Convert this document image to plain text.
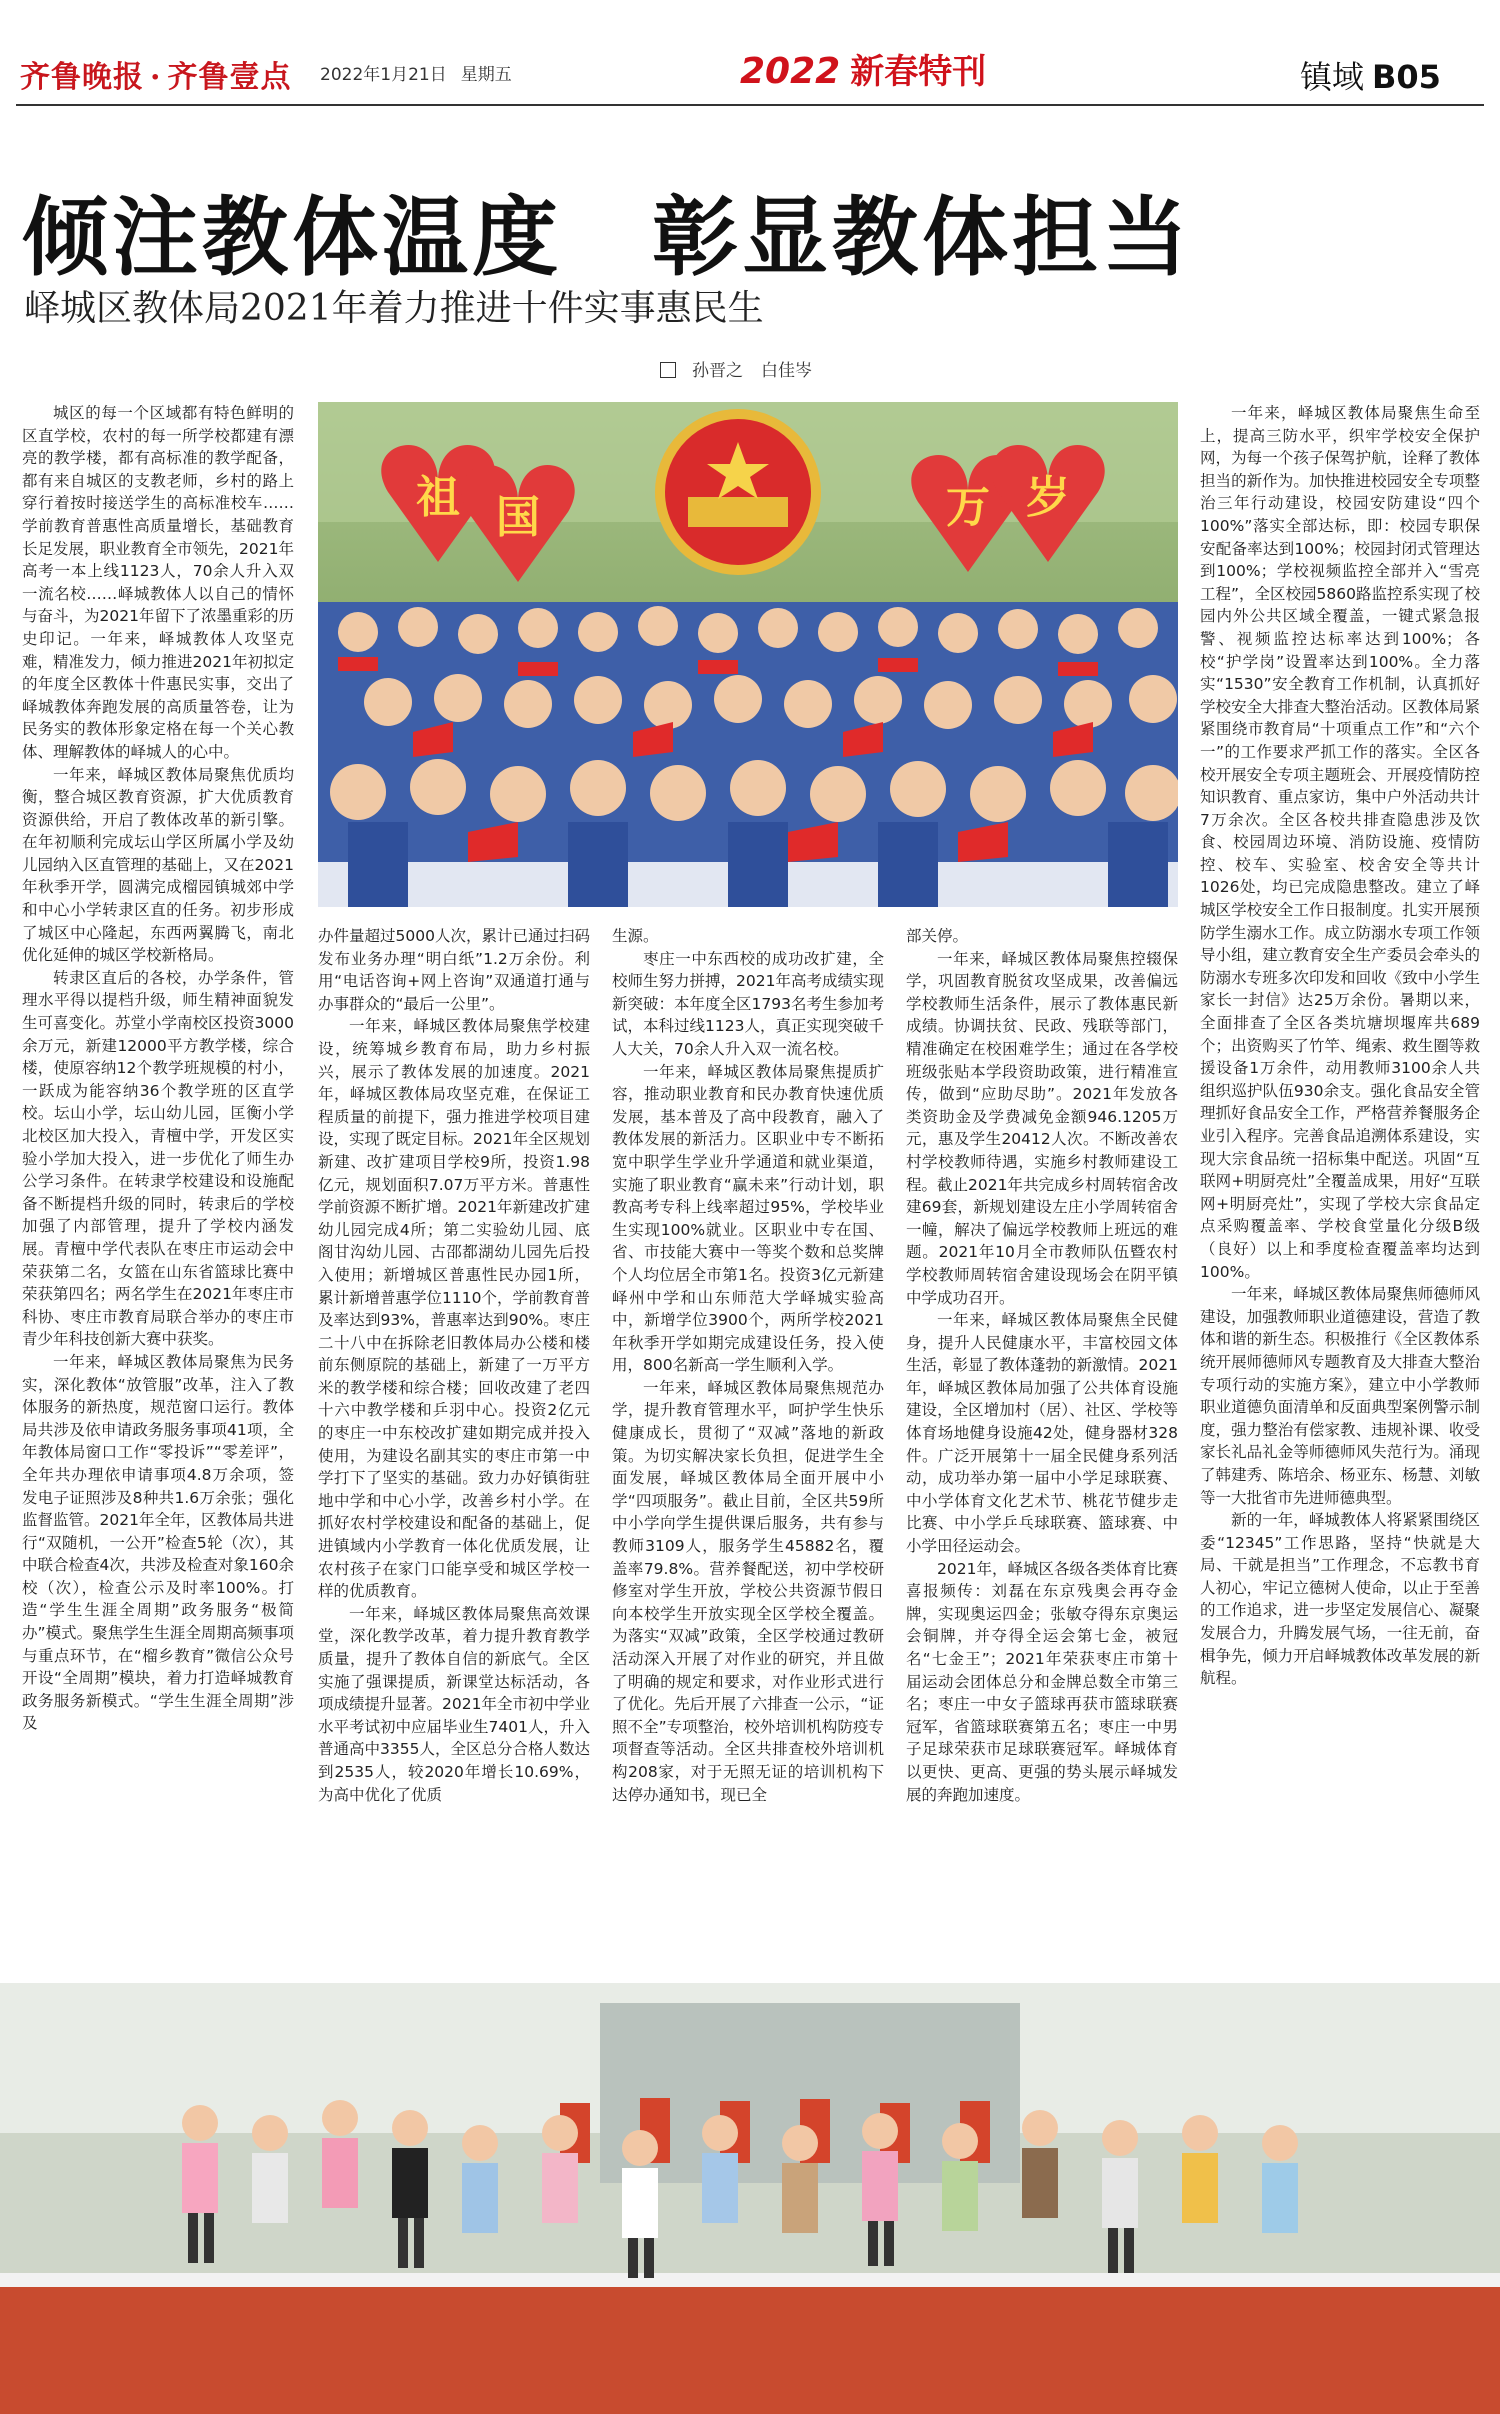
齐鲁晚报 · 齐鲁壹点 2022年1月21日 星期五	2022 新春特刊	镇域 B05
倾注教体温度　彰显教体担当
峄城区教体局2021年着力推进十件实事惠民生
孙晋之 白佳岑
祖 国	万 岁

城区的每一个区域都有特色鲜明的区直学校，农村的每一所学校都建有漂亮的教学楼，都有高标准的教学配备，都有来自城区的支教老师，乡村的路上穿行着按时接送学生的高标准校车……学前教育普惠性高质量增长，基础教育长足发展，职业教育全市领先，2021年高考一本上线1123人，70余人升入双一流名校……峄城教体人以自己的情怀与奋斗，为2021年留下了浓墨重彩的历史印记。一年来，峄城教体人攻坚克难，精准发力，倾力推进2021年初拟定的年度全区教体十件惠民实事，交出了峄城教体奔跑发展的高质量答卷，让为民务实的教体形象定格在每一个关心教体、理解教体的峄城人的心中。

一年来，峄城区教体局聚焦优质均衡，整合城区教育资源，扩大优质教育资源供给，开启了教体改革的新引擎。在年初顺利完成坛山学区所属小学及幼儿园纳入区直管理的基础上，又在2021年秋季开学，圆满完成榴园镇城郊中学和中心小学转隶区直的任务。初步形成了城区中心隆起，东西两翼腾飞，南北优化延伸的城区学校新格局。

转隶区直后的各校，办学条件，管理水平得以提档升级，师生精神面貌发生可喜变化。苏堂小学南校区投资3000余万元，新建12000平方教学楼，综合楼，使原容纳12个教学班规模的村小，一跃成为能容纳36个教学班的区直学校。坛山小学，坛山幼儿园，匡衡小学北校区加大投入，青檀中学，开发区实验小学加大投入，进一步优化了师生办公学习条件。在转隶学校建设和设施配备不断提档升级的同时，转隶后的学校加强了内部管理，提升了学校内涵发展。青檀中学代表队在枣庄市运动会中荣获第二名，女篮在山东省篮球比赛中荣获第四名；两名学生在2021年枣庄市科协、枣庄市教育局联合举办的枣庄市青少年科技创新大赛中获奖。

一年来，峄城区教体局聚焦为民务实，深化教体“放管服”改革，注入了教体服务的新热度，规范窗口运行。教体局共涉及依申请政务服务事项41项，全年教体局窗口工作“零投诉”“零差评”，全年共办理依申请事项4.8万余项，签发电子证照涉及8种共1.6万余张；强化监督监管。2021年全年，区教体局共进行“双随机，一公开”检查5轮（次），其中联合检查4次，共涉及检查对象160余校（次），检查公示及时率100%。打造“学生生涯全周期”政务服务“极简办”模式。聚焦学生生涯全周期高频事项与重点环节，在“榴乡教育”微信公众号开设“全周期”模块，着力打造峄城教育政务服务新模式。“学生生涯全周期”涉及

办件量超过5000人次，累计已通过扫码发布业务办理“明白纸”1.2万余份。利用“电话咨询+网上咨询”双通道打通与办事群众的“最后一公里”。

一年来，峄城区教体局聚焦学校建设，统筹城乡教育布局，助力乡村振兴，展示了教体发展的加速度。2021年，峄城区教体局攻坚克难，在保证工程质量的前提下，强力推进学校项目建设，实现了既定目标。2021年全区规划新建、改扩建项目学校9所，投资1.98亿元，规划面积7.07万平方米。普惠性学前资源不断扩增。2021年新建改扩建幼儿园完成4所；第二实验幼儿园、底阁甘沟幼儿园、古邵都湖幼儿园先后投入使用；新增城区普惠性民办园1所，累计新增普惠学位1110个，学前教育普及率达到93%，普惠率达到90%。枣庄二十八中在拆除老旧教体局办公楼和楼前东侧原院的基础上，新建了一万平方米的教学楼和综合楼；回收改建了老四十六中教学楼和乒羽中心。投资2亿元的枣庄一中东校改扩建如期完成并投入使用，为建设名副其实的枣庄市第一中学打下了坚实的基础。致力办好镇街驻地中学和中心小学，改善乡村小学。在抓好农村学校建设和配备的基础上，促进镇域内小学教育一体化优质发展，让农村孩子在家门口能享受和城区学校一样的优质教育。

一年来，峄城区教体局聚焦高效课堂，深化教学改革，着力提升教育教学质量，提升了教体自信的新底气。全区实施了强课提质，新课堂达标活动，各项成绩提升显著。2021年全市初中学业水平考试初中应届毕业生7401人，升入普通高中3355人，全区总分合格人数达到2535人，较2020年增长10.69%，为高中优化了优质

生源。

枣庄一中东西校的成功改扩建，全校师生努力拼搏，2021年高考成绩实现新突破：本年度全区1793名考生参加考试，本科过线1123人，真正实现突破千人大关，70余人升入双一流名校。

一年来，峄城区教体局聚焦提质扩容，推动职业教育和民办教育快速优质发展，基本普及了高中段教育，融入了教体发展的新活力。区职业中专不断拓宽中职学生学业升学通道和就业渠道，实施了职业教育“赢未来”行动计划，职教高考专科上线率超过95%，学校毕业生实现100%就业。区职业中专在国、省、市技能大赛中一等奖个数和总奖牌个人均位居全市第1名。投资3亿元新建峄州中学和山东师范大学峄城实验高中，新增学位3900个，两所学校2021年秋季开学如期完成建设任务，投入使用，800名新高一学生顺利入学。

一年来，峄城区教体局聚焦规范办学，提升教育管理水平，呵护学生快乐健康成长，贯彻了“双减”落地的新政策。为切实解决家长负担，促进学生全面发展，峄城区教体局全面开展中小学“四项服务”。截止目前，全区共59所中小学向学生提供课后服务，共有参与教师3109人，服务学生45882名，覆盖率79.8%。营养餐配送，初中学校研修室对学生开放，学校公共资源节假日向本校学生开放实现全区学校全覆盖。为落实“双减”政策，全区学校通过教研活动深入开展了对作业的研究，并且做了明确的规定和要求，对作业形式进行了优化。先后开展了六排查一公示，“证照不全”专项整治，校外培训机构防疫专项督查等活动。全区共排查校外培训机构208家，对于无照无证的培训机构下达停办通知书，现已全

部关停。

一年来，峄城区教体局聚焦控辍保学，巩固教育脱贫攻坚成果，改善偏远学校教师生活条件，展示了教体惠民新成绩。协调扶贫、民政、残联等部门，精准确定在校困难学生；通过在各学校班级张贴本学段资助政策，进行精准宣传，做到“应助尽助”。2021年发放各类资助金及学费减免金额946.1205万元，惠及学生20412人次。不断改善农村学校教师待遇，实施乡村教师建设工程。截止2021年共完成乡村周转宿舍改建69套，新规划建设左庄小学周转宿舍一幢，解决了偏远学校教师上班远的难题。2021年10月全市教师队伍暨农村学校教师周转宿舍建设现场会在阴平镇中学成功召开。

一年来，峄城区教体局聚焦全民健身，提升人民健康水平，丰富校园文体生活，彰显了教体蓬勃的新激情。2021年，峄城区教体局加强了公共体育设施建设，全区增加村（居）、社区、学校等体育场地健身设施42处，健身器材328件。广泛开展第十一届全民健身系列活动，成功举办第一届中小学足球联赛、中小学体育文化艺术节、桃花节健步走比赛、中小学乒乓球联赛、篮球赛、中小学田径运动会。

2021年，峄城区各级各类体育比赛喜报频传：刘磊在东京残奥会再夺金牌，实现奥运四金；张敏夺得东京奥运会铜牌，并夺得全运会第七金，被冠名“七金王”；2021年荣获枣庄市第十届运动会团体总分和金牌总数全市第三名；枣庄一中女子篮球再获市篮球联赛冠军，省篮球联赛第五名；枣庄一中男子足球荣获市足球联赛冠军。峄城体育以更快、更高、更强的势头展示峄城发展的奔跑加速度。

一年来，峄城区教体局聚焦生命至上，提高三防水平，织牢学校安全保护网，为每一个孩子保驾护航，诠释了教体担当的新作为。加快推进校园安全专项整治三年行动建设，校园安防建设“四个100%”落实全部达标，即：校园专职保安配备率达到100%；校园封闭式管理达到100%；学校视频监控全部并入“雪亮工程”，全区校园5860路监控系实现了校园内外公共区域全覆盖，一键式紧急报警、视频监控达标率达到100%；各校“护学岗”设置率达到100%。全力落实“1530”安全教育工作机制，认真抓好学校安全大排查大整治活动。区教体局紧紧围绕市教育局“十项重点工作”和“六个一”的工作要求严抓工作的落实。全区各校开展安全专项主题班会、开展疫情防控知识教育、重点家访，集中户外活动共计7万余次。全区各校共排查隐患涉及饮食、校园周边环境、消防设施、疫情防控、校车、实验室、校舍安全等共计1026处，均已完成隐患整改。建立了峄城区学校安全工作日报制度。扎实开展预防学生溺水工作。成立防溺水专项工作领导小组，建立教育安全生产委员会牵头的防溺水专班多次印发和回收《致中小学生家长一封信》达25万余份。暑期以来，全面排查了全区各类坑塘坝堰库共689个；出资购买了竹竿、绳索、救生圈等救援设备1万余件，动用教师3100余人共组织巡护队伍930余支。强化食品安全管理抓好食品安全工作，严格营养餐服务企业引入程序。完善食品追溯体系建设，实现大宗食品统一招标集中配送。巩固“互联网+明厨亮灶”全覆盖成果，用好“互联网+明厨亮灶”，实现了学校大宗食品定点采购覆盖率、学校食堂量化分级B级（良好）以上和季度检查覆盖率均达到100%。

一年来，峄城区教体局聚焦师德师风建设，加强教师职业道德建设，营造了教体和谐的新生态。积极推行《全区教体系统开展师德师风专题教育及大排查大整治专项行动的实施方案》，建立中小学教师职业道德负面清单和反面典型案例警示制度，强力整治有偿家教、违规补课、收受家长礼品礼金等师德师风失范行为。涌现了韩建秀、陈培余、杨亚东、杨慧、刘敏等一大批省市先进师德典型。

新的一年，峄城教体人将紧紧围绕区委“12345”工作思路，坚持“快就是大局、干就是担当”工作理念，不忘教书育人初心，牢记立德树人使命，以止于至善的工作追求，进一步坚定发展信心、凝聚发展合力，升腾发展气场，一往无前，奋楫争先，倾力开启峄城教体改革发展的新航程。
